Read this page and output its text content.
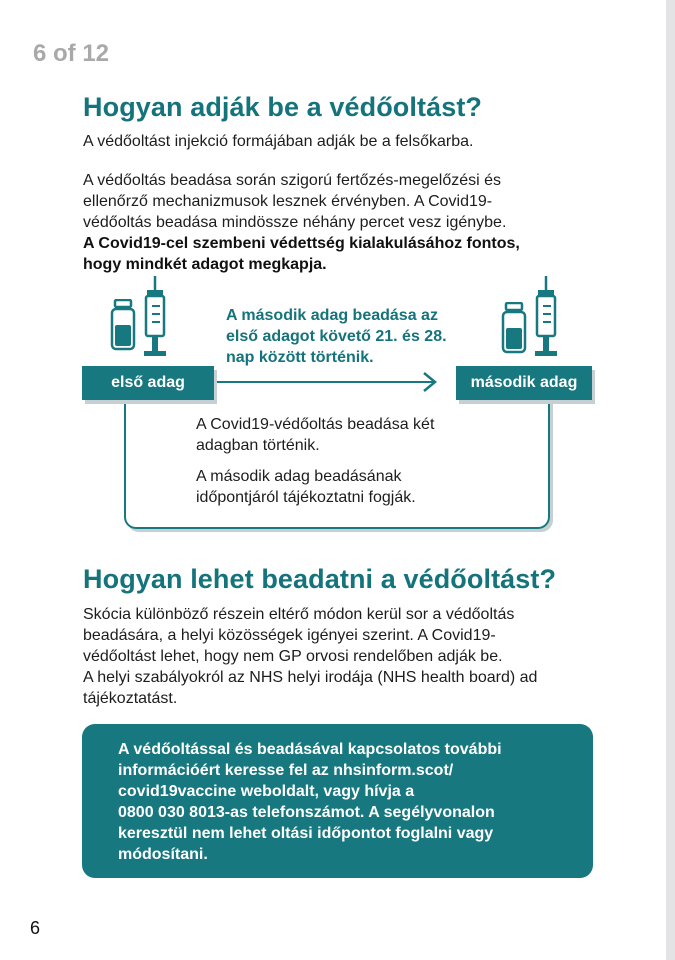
6 of 12
Hogyan adják be a védőoltást?
A védőoltást injekció formájában adják be a felsőkarba.
A védőoltás beadása során szigorú fertőzés-megelőzési és
ellenőrző mechanizmusok lesznek érvényben. A Covid19-
védőoltás beadása mindössze néhány percet vesz igénybe.
A Covid19-cel szembeni védettség kialakulásához fontos,
hogy mindkét adagot megkapja.
A második adag beadása az
első adagot követő 21. és 28.
nap között történik.
első adag	második adag
A Covid19-védőoltás beadása két
adagban történik.
A második adag beadásának
időpontjáról tájékoztatni fogják.
Hogyan lehet beadatni a védőoltást?
Skócia különböző részein eltérő módon kerül sor a védőoltás
beadására, a helyi közösségek igényei szerint. A Covid19-
védőoltást lehet, hogy nem GP orvosi rendelőben adják be.
A helyi szabályokról az NHS helyi irodája (NHS health board) ad
tájékoztatást.
A védőoltással és beadásával kapcsolatos további
információért keresse fel az nhsinform.scot/
covid19vaccine weboldalt, vagy hívja a
0800 030 8013-as telefonszámot. A segélyvonalon
keresztül nem lehet oltási időpontot foglalni vagy
módosítani.
6
